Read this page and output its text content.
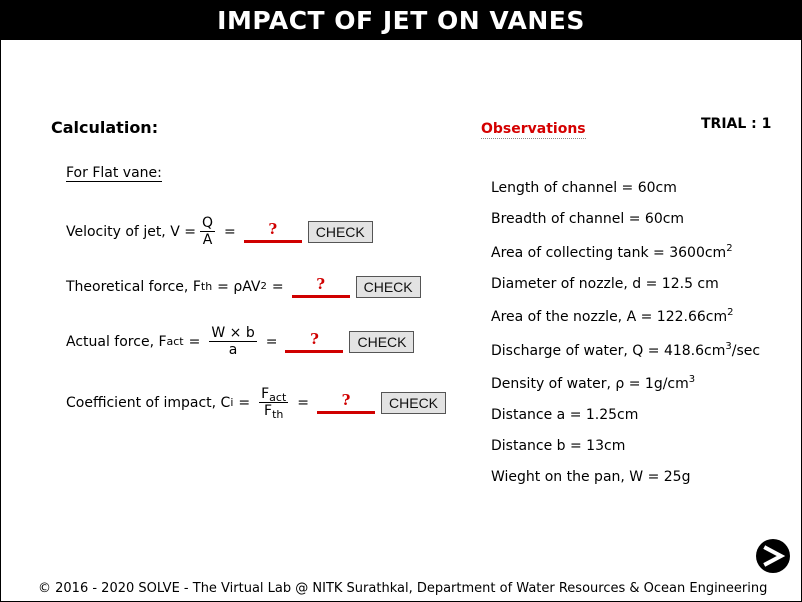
IMPACT OF JET ON VANES
Calculation:	Observations	TRIAL : 1
For Flat vane:
Velocity of jet, $V = \frac{Q}{A}$ =	?	CHECK
Theoretical force, F th = ρAV 2 =	?	CHECK
Actual force, F act = $\frac{W \times b}{a}$ =	?	CHECK
Coefficient of impact, C $i = \frac{F_{act}}{F_{th}}$ =	?	CHECK
Length of channel = 60cm
Breadth of channel = 60cm
Area of collecting $\tan k = 3600cm^2$
Diameter of nozzle, d = 12.5 cm
Area of the nozzle, $A = 122.66cm^2$
Discharge of water, $Q = 418.6cm^3/\sec$
Density of water, $\rho = 1g/cm^3$
Distance a = 1.25cm
Distance b = 13cm
Wieght on the pan, W = 25g
© 2016 - 2020 SOLVE - The Virtual Lab @ NITK Surathkal, Department of Water Resources & Ocean Engineering
